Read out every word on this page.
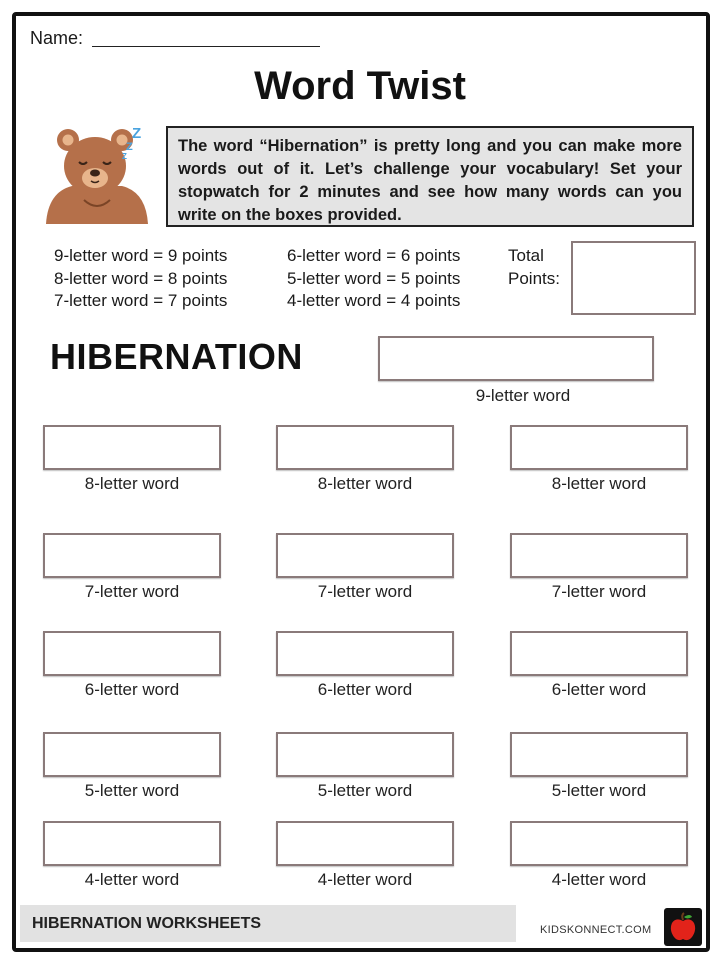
Name:
Word Twist
Z
Z
Z
The word “Hibernation” is pretty long and you can make more words out of it. Let’s challenge your vocabulary! Set your stopwatch for 2 minutes and see how many words can you write on the boxes provided.
9-letter word = 9 points
8-letter word = 8 points
7-letter word = 7 points
6-letter word = 6 points
5-letter word = 5 points
4-letter word = 4 points
Total
Points:
HIBERNATION
9-letter word
8-letter word	8-letter word	8-letter word
7-letter word	7-letter word	7-letter word
6-letter word	6-letter word	6-letter word
5-letter word	5-letter word	5-letter word
4-letter word	4-letter word	4-letter word
HIBERNATION WORKSHEETS	KIDSKONNECT.COM
